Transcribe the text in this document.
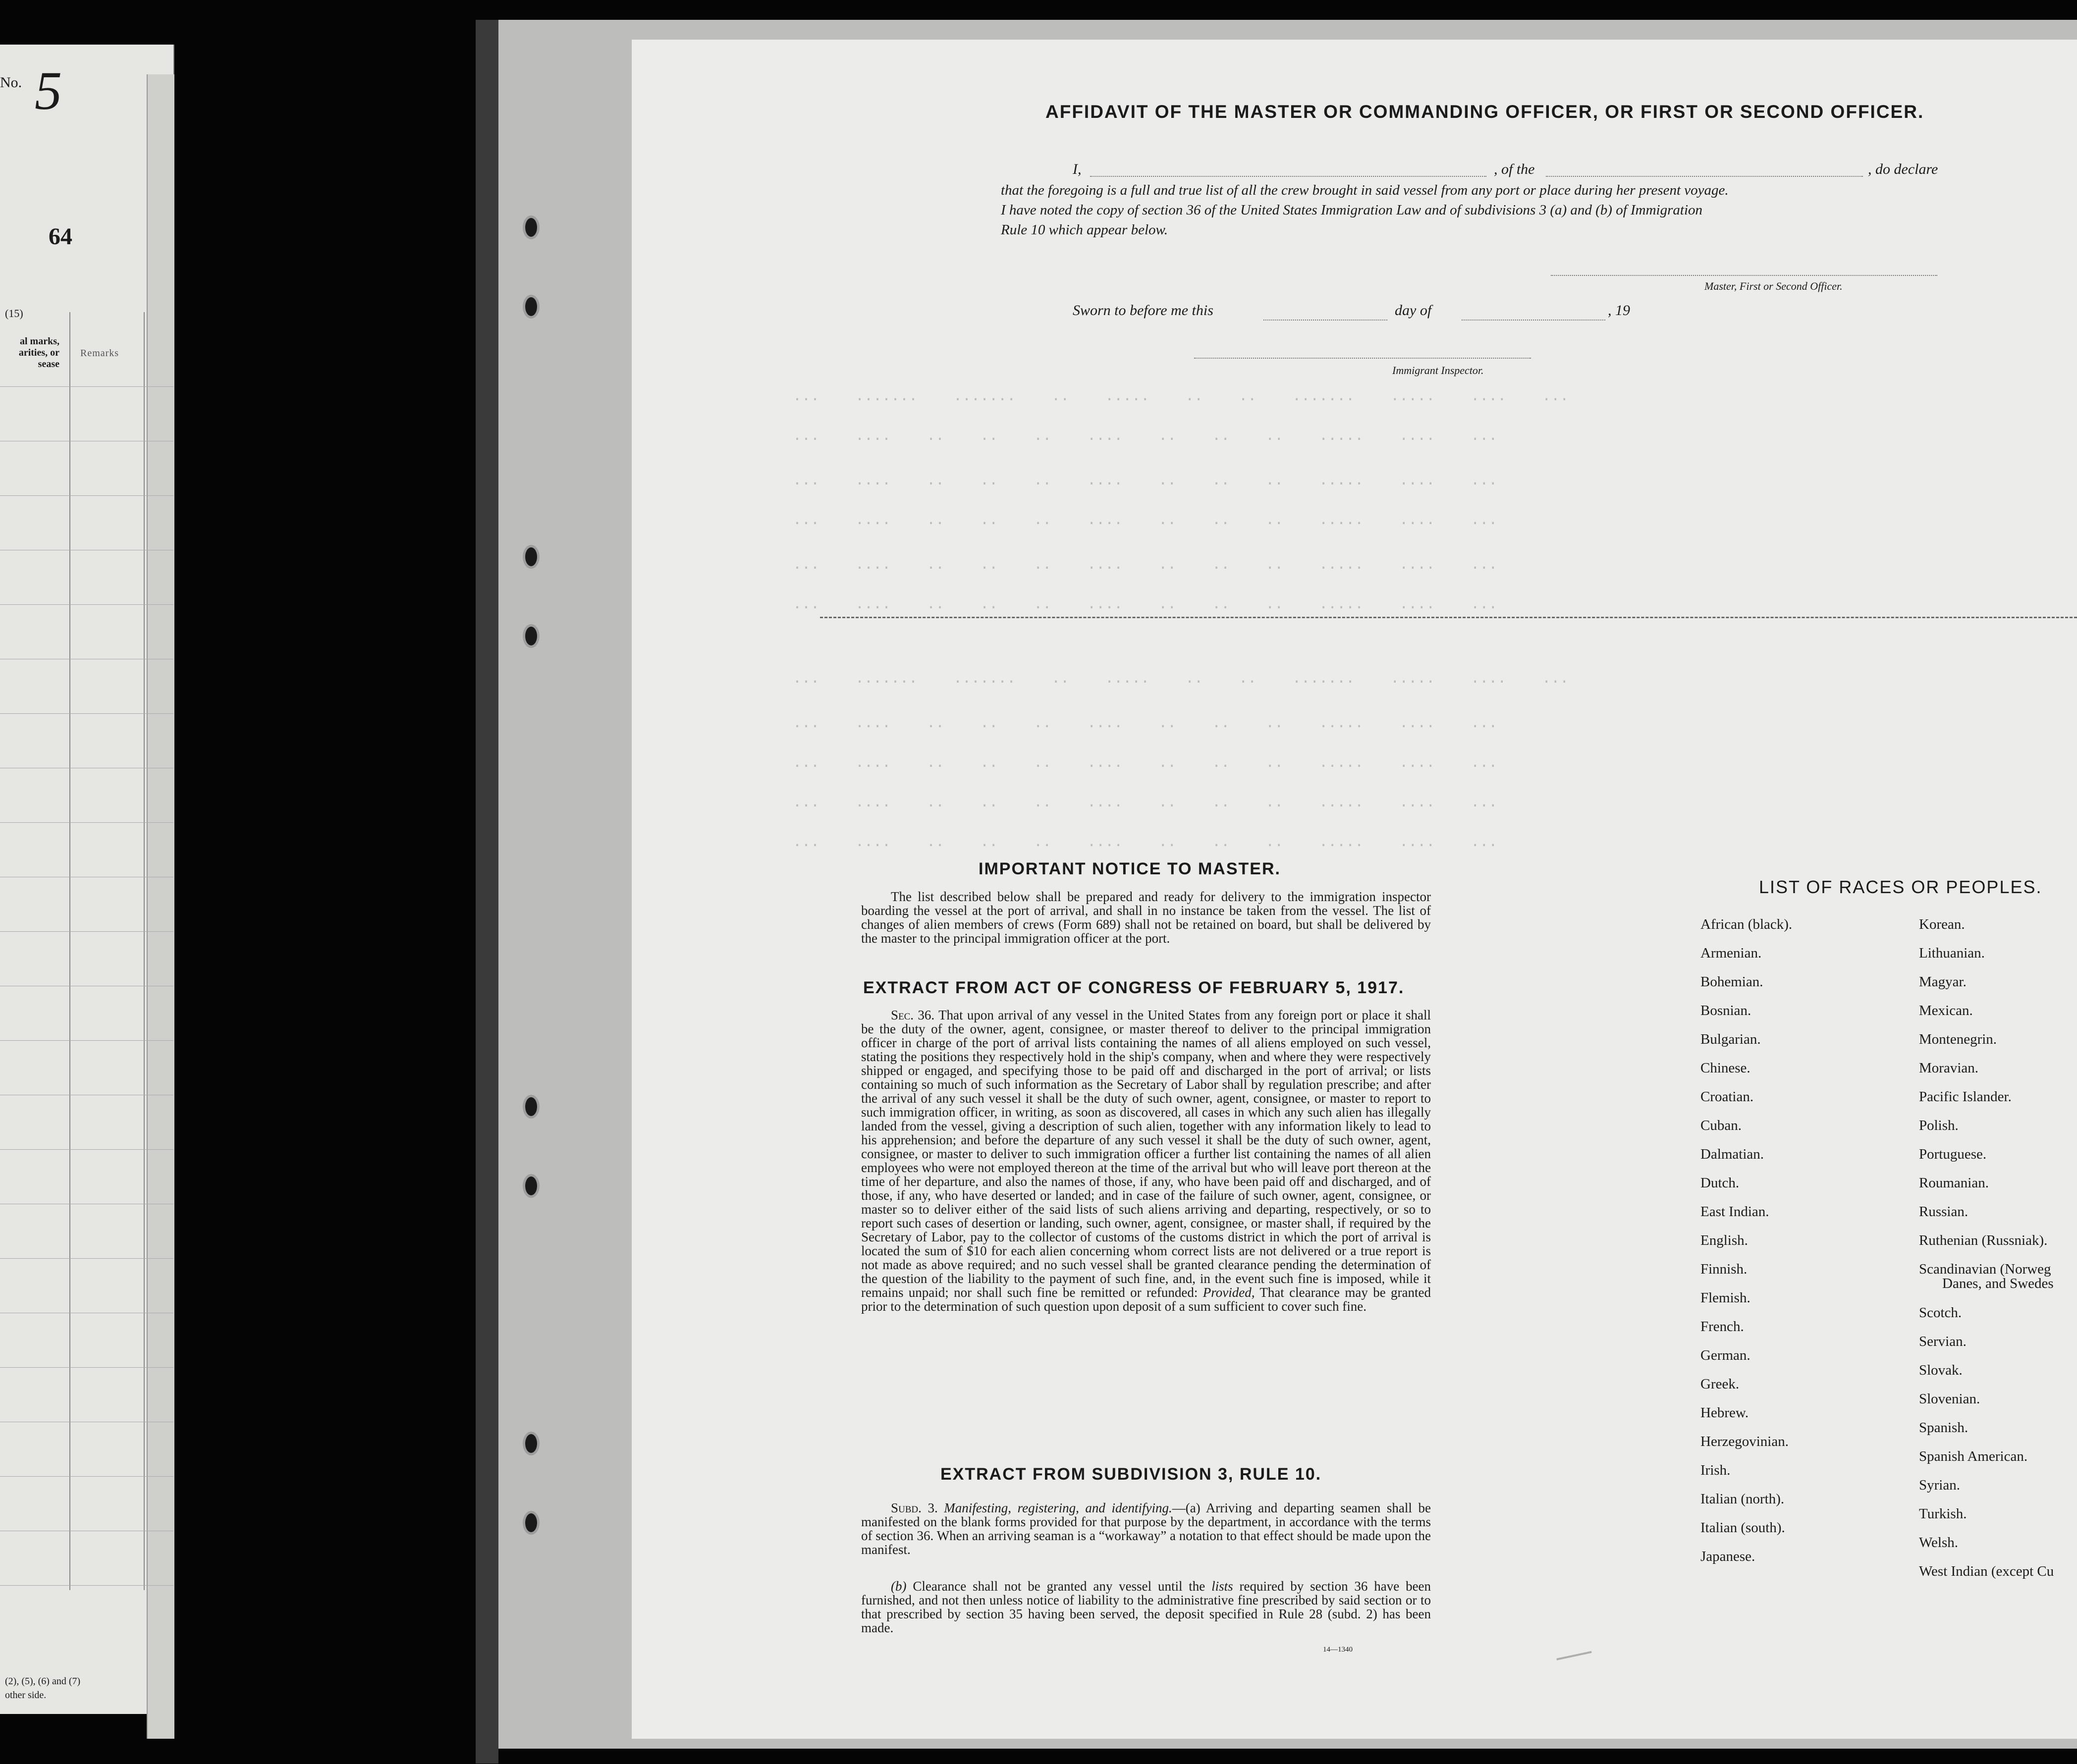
No. 5
64
(15)
al marks,
arities, or
sease
Remarks
(2), (5), (6) and (7)
other side.
···    ·······    ·······    ··    ·····    ··    ··    ·······    ·····    ····    ···
···    ····    ··    ··    ··    ····    ··    ··    ··    ·····    ····    ···
···    ····    ··    ··    ··    ····    ··    ··    ··    ·····    ····    ···
···    ····    ··    ··    ··    ····    ··    ··    ··    ·····    ····    ···
···    ····    ··    ··    ··    ····    ··    ··    ··    ·····    ····    ···
···    ····    ··    ··    ··    ····    ··    ··    ··    ·····    ····    ···
···    ·······    ·······    ··    ·····    ··    ··    ·······    ·····    ····    ···
···    ····    ··    ··    ··    ····    ··    ··    ··    ·····    ····    ···
···    ····    ··    ··    ··    ····    ··    ··    ··    ·····    ····    ···
···    ····    ··    ··    ··    ····    ··    ··    ··    ·····    ····    ···
···    ····    ··    ··    ··    ····    ··    ··    ··    ·····    ····    ···
AFFIDAVIT OF THE MASTER OR COMMANDING OFFICER, OR FIRST OR SECOND OFFICER.
I,	, of the	, do declare
that the foregoing is a full and true list of all the crew brought in said vessel from any port or place during her present voyage.
I have noted the copy of section 36 of the United States Immigration Law and of subdivisions 3 (a) and (b) of Immigration
Rule 10 which appear below.
Master, First or Second Officer.
Sworn to before me this	day of	, 19
Immigrant Inspector.
IMPORTANT NOTICE TO MASTER.
The list described below shall be prepared and ready for delivery to the immigration inspector boarding the vessel at the port of arrival, and shall in no instance be taken from the vessel. The list of changes of alien members of crews (Form 689) shall not be retained on board, but shall be delivered by the master to the principal immigration officer at the port.
EXTRACT FROM ACT OF CONGRESS OF FEBRUARY 5, 1917.
Sec. 36. That upon arrival of any vessel in the United States from any foreign port or place it shall be the duty of the owner, agent, consignee, or master thereof to deliver to the principal immigration officer in charge of the port of arrival lists containing the names of all aliens employed on such vessel, stating the positions they respectively hold in the ship's company, when and where they were respectively shipped or engaged, and specifying those to be paid off and discharged in the port of arrival; or lists containing so much of such information as the Secretary of Labor shall by regulation prescribe; and after the arrival of any such vessel it shall be the duty of such owner, agent, consignee, or master to report to such immigration officer, in writing, as soon as discovered, all cases in which any such alien has illegally landed from the vessel, giving a description of such alien, together with any information likely to lead to his apprehension; and before the departure of any such vessel it shall be the duty of such owner, agent, consignee, or master to deliver to such immigration officer a further list containing the names of all alien employees who were not employed thereon at the time of the arrival but who will leave port thereon at the time of her departure, and also the names of those, if any, who have been paid off and discharged, and of those, if any, who have deserted or landed; and in case of the failure of such owner, agent, consignee, or master so to deliver either of the said lists of such aliens arriving and departing, respectively, or so to report such cases of desertion or landing, such owner, agent, consignee, or master shall, if required by the Secretary of Labor, pay to the collector of customs of the customs district in which the port of arrival is located the sum of $10 for each alien concerning whom correct lists are not delivered or a true report is not made as above required; and no such vessel shall be granted clearance pending the determination of the question of the liability to the payment of such fine, and, in the event such fine is imposed, while it remains unpaid; nor shall such fine be remitted or refunded: Provided, That clearance may be granted prior to the determination of such question upon deposit of a sum sufficient to cover such fine.
EXTRACT FROM SUBDIVISION 3, RULE 10.
Subd. 3. Manifesting, registering, and identifying.—(a) Arriving and departing seamen shall be manifested on the blank forms provided for that purpose by the department, in accordance with the terms of section 36. When an arriving seaman is a “workaway” a notation to that effect should be made upon the manifest.
(b) Clearance shall not be granted any vessel until the lists required by section 36 have been furnished, and not then unless notice of liability to the administrative fine prescribed by said section or to that prescribed by section 35 having been served, the deposit specified in Rule 28 (subd. 2) has been made.
14—1340
LIST OF RACES OR PEOPLES.
African (black).
Armenian.
Bohemian.
Bosnian.
Bulgarian.
Chinese.
Croatian.
Cuban.
Dalmatian.
Dutch.
East Indian.
English.
Finnish.
Flemish.
French.
German.
Greek.
Hebrew.
Herzegovinian.
Irish.
Italian (north).
Italian (south).
Japanese.
Korean.
Lithuanian.
Magyar.
Mexican.
Montenegrin.
Moravian.
Pacific Islander.
Polish.
Portuguese.
Roumanian.
Russian.
Ruthenian (Russniak).
Scandinavian (Norweg
Scotch.
Servian.
Slovak.
Slovenian.
Spanish.
Spanish American.
Syrian.
Turkish.
Welsh.
West Indian (except Cu
Danes, and Swedes
—
